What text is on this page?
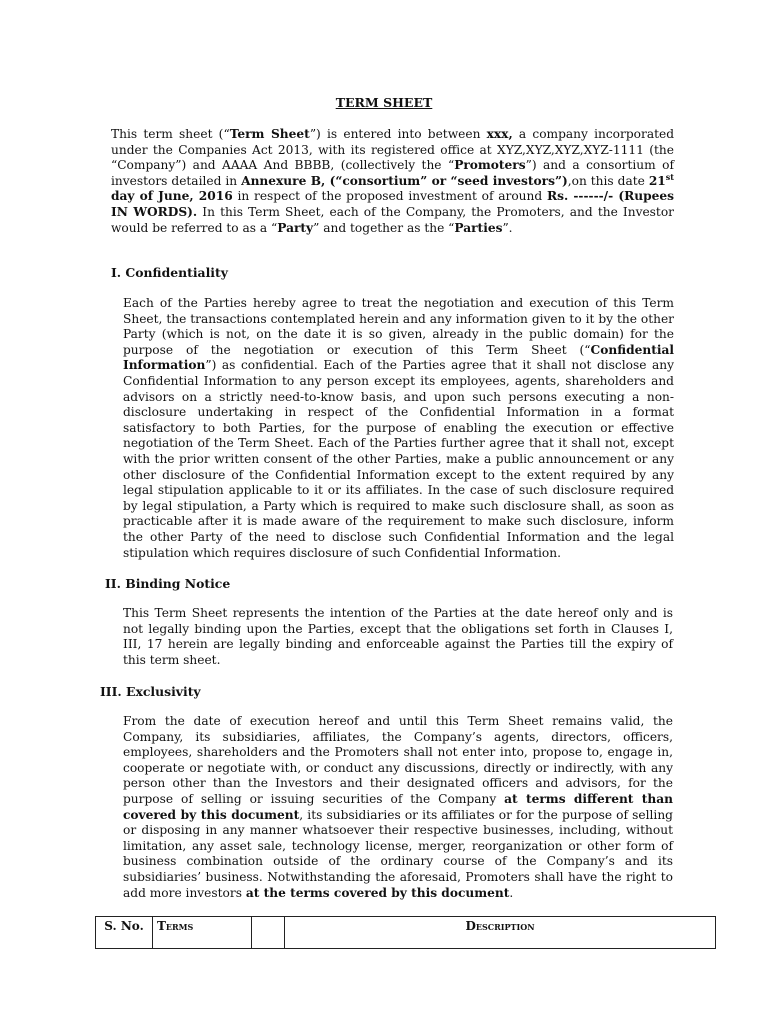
TERM SHEET
This term sheet (“Term Sheet”) is entered into between xxx, a company incorporated under the Companies Act 2013, with its registered office at XYZ,XYZ,XYZ,XYZ-1111 (the “Company”) and AAAA And BBBB, (collectively the “Promoters”) and a consortium of investors detailed in Annexure B, (“consortium” or “seed investors”),on this date 21st day of June, 2016 in respect of the proposed investment of around Rs. ------/- (Rupees IN WORDS). In this Term Sheet, each of the Company, the Promoters, and the Investor would be referred to as a “Party” and together as the “Parties”.
I. Confidentiality
Each of the Parties hereby agree to treat the negotiation and execution of this Term Sheet, the transactions contemplated herein and any information given to it by the other Party (which is not, on the date it is so given, already in the public domain) for the purpose of the negotiation or execution of this Term Sheet (“Confidential Information”) as confidential. Each of the Parties agree that it shall not disclose any Confidential Information to any person except its employees, agents, shareholders and advisors on a strictly need-to-know basis, and upon such persons executing a non-disclosure undertaking in respect of the Confidential Information in a format satisfactory to both Parties, for the purpose of enabling the execution or effective negotiation of the Term Sheet. Each of the Parties further agree that it shall not, except with the prior written consent of the other Parties, make a public announcement or any other disclosure of the Confidential Information except to the extent required by any legal stipulation applicable to it or its affiliates. In the case of such disclosure required by legal stipulation, a Party which is required to make such disclosure shall, as soon as practicable after it is made aware of the requirement to make such disclosure, inform the other Party of the need to disclose such Confidential Information and the legal stipulation which requires disclosure of such Confidential Information.
II. Binding Notice
This Term Sheet represents the intention of the Parties at the date hereof only and is not legally binding upon the Parties, except that the obligations set forth in Clauses I, III, 17 herein are legally binding and enforceable against the Parties till the expiry of this term sheet.
III. Exclusivity
From the date of execution hereof and until this Term Sheet remains valid, the Company, its subsidiaries, affiliates, the Company’s agents, directors, officers, employees, shareholders and the Promoters shall not enter into, propose to, engage in, cooperate or negotiate with, or conduct any discussions, directly or indirectly, with any person other than the Investors and their designated officers and advisors, for the purpose of selling or issuing securities of the Company at terms different than covered by this document, its subsidiaries or its affiliates or for the purpose of selling or disposing in any manner whatsoever their respective businesses, including, without limitation, any asset sale, technology license, merger, reorganization or other form of business combination outside of the ordinary course of the Company’s and its subsidiaries’ business. Notwithstanding the aforesaid, Promoters shall have the right to add more investors at the terms covered by this document.
S. No.	Terms		Description
